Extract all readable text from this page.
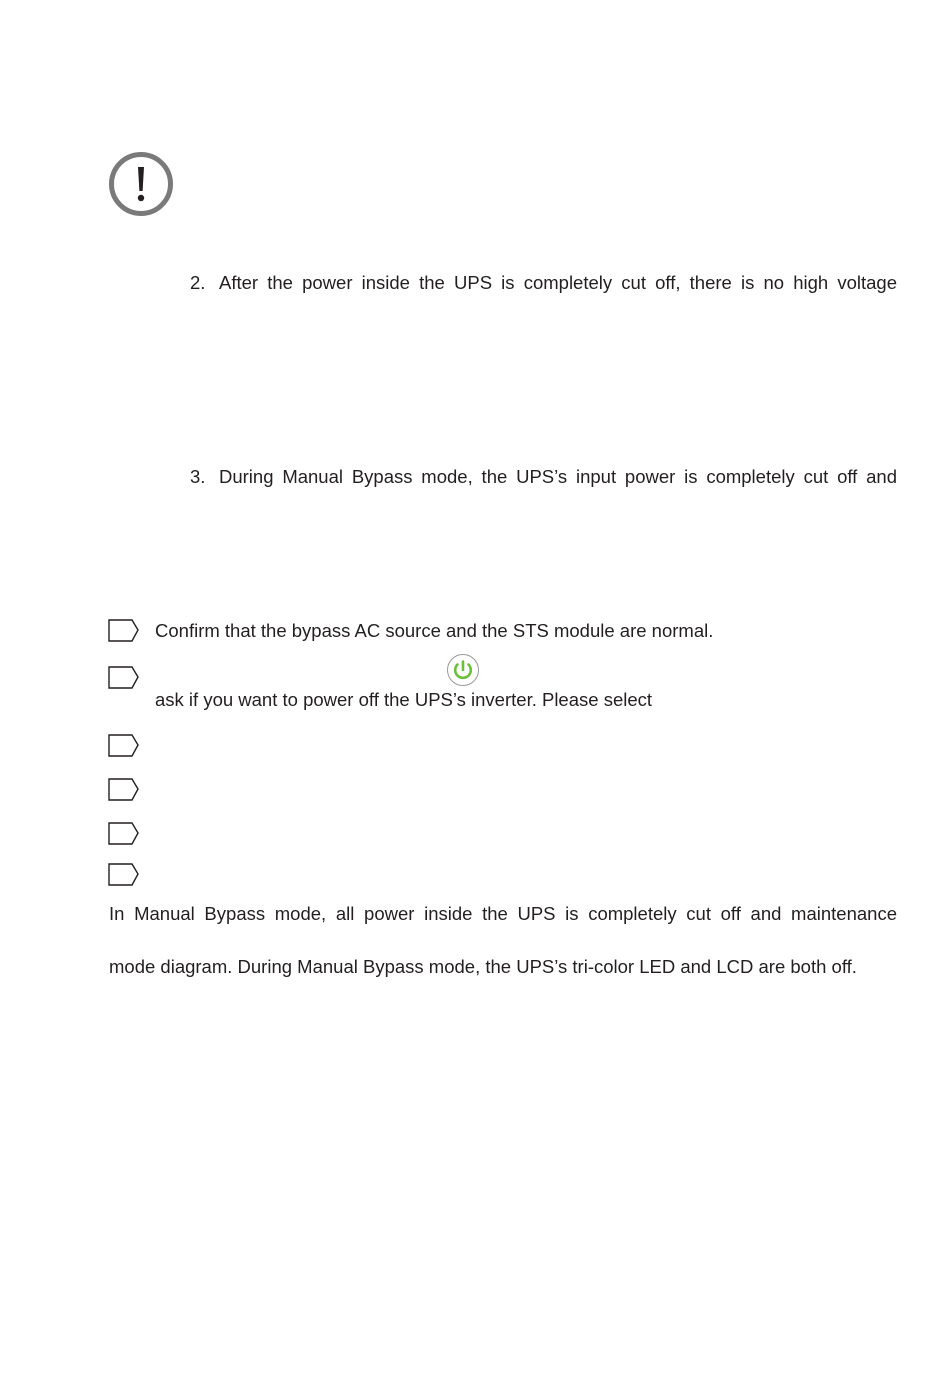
2. After the power inside the UPS is completely cut off, there is no high voltage
3. During Manual Bypass mode, the UPS’s input power is completely cut off and
Confirm that the bypass AC source and the STS module are normal.
ask if you want to power off the UPS’s inverter. Please select
In Manual Bypass mode, all power inside the UPS is completely cut off and maintenance
mode diagram. During Manual Bypass mode, the UPS’s tri-color LED and LCD are both off.
